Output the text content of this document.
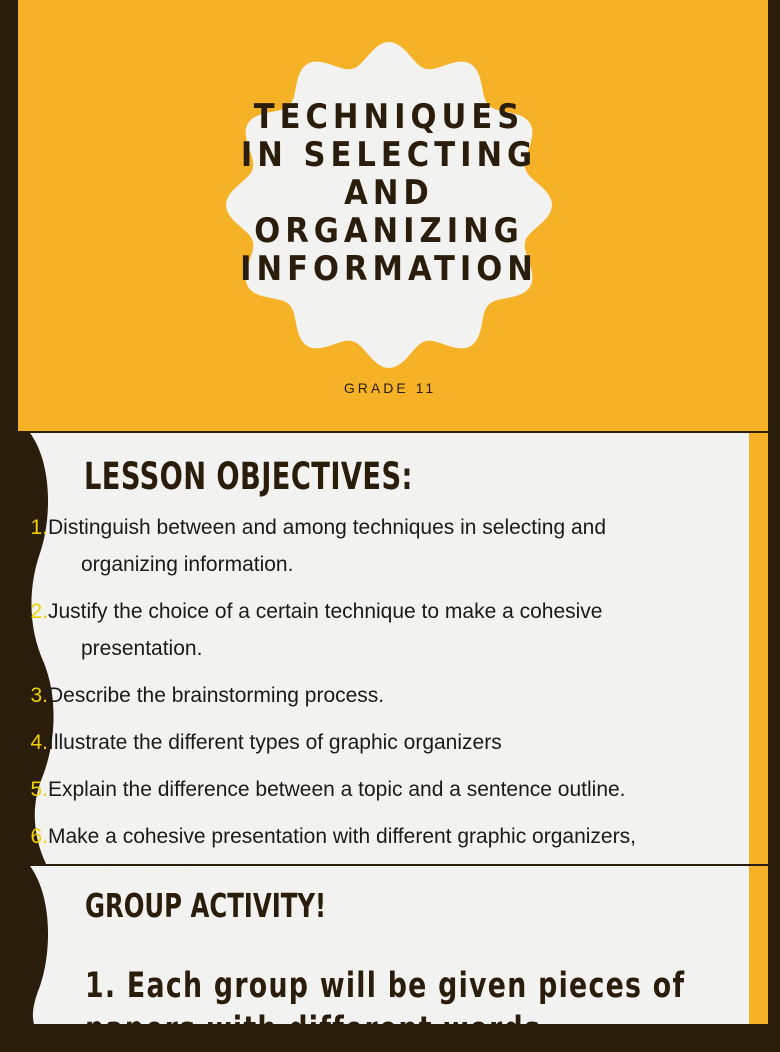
TECHNIQUES
IN SELECTING
AND
ORGANIZING
INFORMATION
GRADE 11
LESSON OBJECTIVES:
1. Distinguish between and among techniques in selecting and
organizing information.
2. Justify the choice of a certain technique to make a cohesive
presentation.
3. Describe the brainstorming process.
4. Illustrate the different types of graphic organizers
5. Explain the difference between a topic and a sentence outline.
6. Make a cohesive presentation with different graphic organizers,
GROUP ACTIVITY!

1. Each group will be given pieces of
papers with different words
